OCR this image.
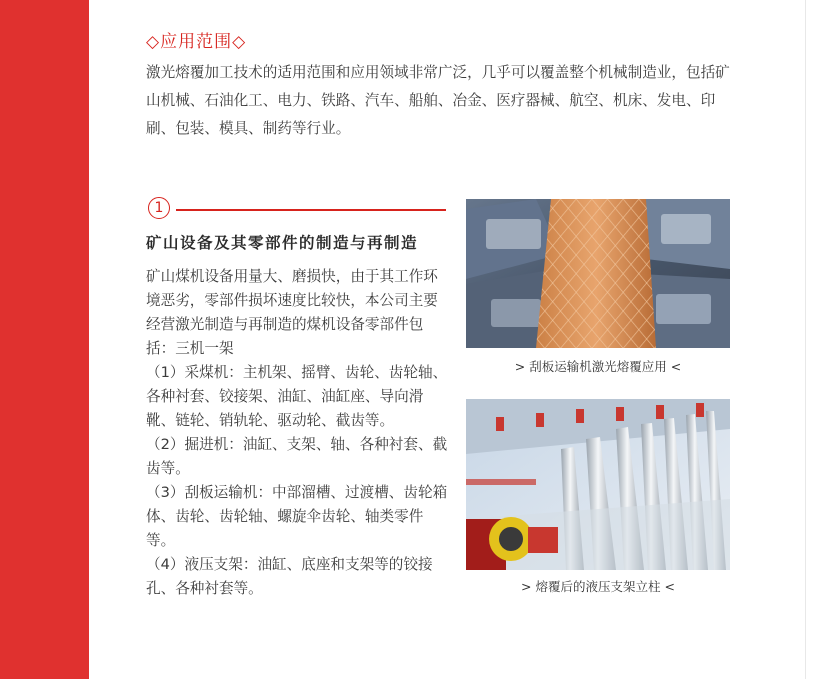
◇应用范围◇

激光熔覆加工技术的适用范围和应用领域非常广泛，几乎可以覆盖整个机械制造业，包括矿山机械、石油化工、电力、铁路、汽车、船舶、冶金、医疗器械、航空、机床、发电、印刷、包装、模具、制药等行业。

1
矿山设备及其零部件的制造与再制造

矿山煤机设备用量大、磨损快，由于其工作环境恶劣，零部件损坏速度比较快，本公司主要经营激光制造与再制造的煤机设备零部件包括：三机一架

（1）采煤机：主机架、摇臂、齿轮、齿轮轴、各种衬套、铰接架、油缸、油缸座、导向滑靴、链轮、销轨轮、驱动轮、截齿等。

（2）掘进机：油缸、支架、轴、各种衬套、截齿等。

（3）刮板运输机：中部溜槽、过渡槽、齿轮箱体、齿轮、齿轮轴、螺旋伞齿轮、轴类零件等。

（4）液压支架：油缸、底座和支架等的铰接孔、各种衬套等。

> 刮板运输机激光熔覆应用 <
> 熔覆后的液压支架立柱 <
